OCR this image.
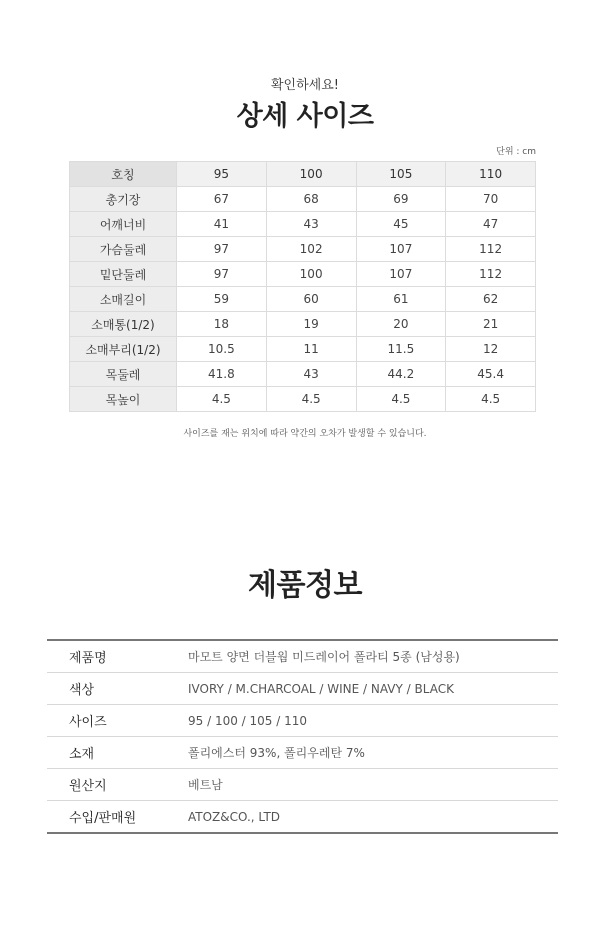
확인하세요!
상세 사이즈
단위 : cm
호칭	95	100	105	110
총기장	67	68	69	70
어깨너비	41	43	45	47
가슴둘레	97	102	107	112
밑단둘레	97	100	107	112
소매길이	59	60	61	62
소매통(1/2)	18	19	20	21
소매부리(1/2)	10.5	11	11.5	12
목둘레	41.8	43	44.2	45.4
목높이	4.5	4.5	4.5	4.5
사이즈를 재는 위치에 따라 약간의 오차가 발생할 수 있습니다.
제품정보
제품명	마모트 양면 더블웜 미드레이어 폴라티 5종 (남성용)
색상	IVORY / M.CHARCOAL / WINE / NAVY / BLACK
사이즈	95 / 100 / 105 / 110
소재	폴리에스터 93%, 폴리우레탄 7%
원산지	베트남
수입/판매원	ATOZ&CO., LTD
